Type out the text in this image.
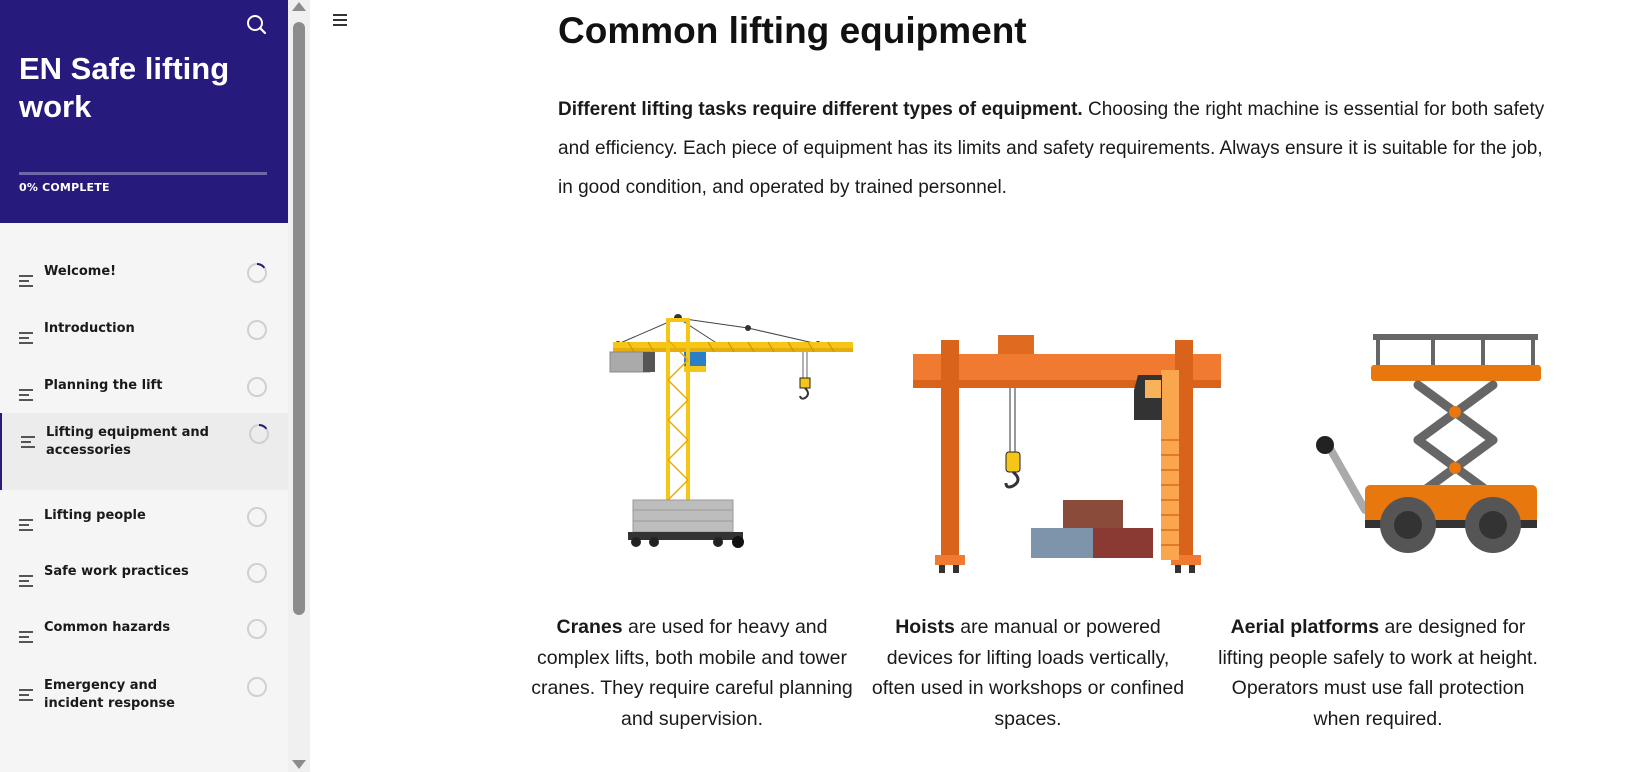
EN Safe lifting work
0% COMPLETE
Welcome!
Introduction
Planning the lift
Lifting equipment and accessories
Lifting people
Safe work practices
Common hazards
Emergency and incident response
Common lifting equipment

Different lifting tasks require different types of equipment. Choosing the right machine is essential for both safety and efficiency. Each piece of equipment has its limits and safety requirements. Always ensure it is suitable for the job, in good condition, and operated by trained personnel.

Cranes are used for heavy and complex lifts, both mobile and tower cranes. They require careful planning and supervision.
Hoists are manual or powered devices for lifting loads vertically, often used in workshops or confined spaces.
Aerial platforms are designed for lifting people safely to work at height. Operators must use fall protection when required.
